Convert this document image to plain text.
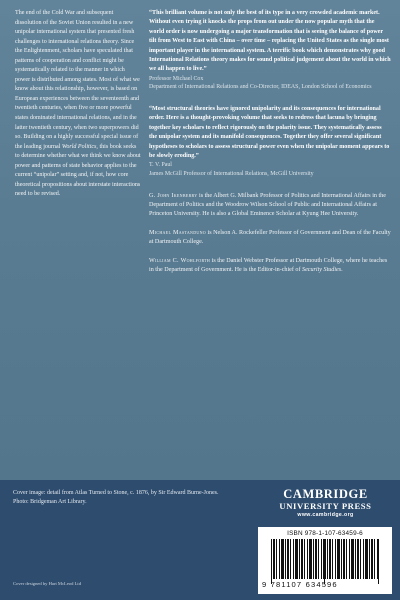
The end of the Cold War and subsequent dissolution of the Soviet Union resulted in a new unipolar international system that presented fresh challenges to international relations theory. Since the Enlightenment, scholars have speculated that patterns of cooperation and conflict might be systematically related to the manner in which power is distributed among states. Most of what we know about this relationship, however, is based on European experiences between the seventeenth and twentieth centuries, when five or more powerful states dominated international relations, and in the latter twentieth century, when two superpowers did so. Building on a highly successful special issue of the leading journal World Politics, this book seeks to determine whether what we think we know about power and patterns of state behavior applies to the current “unipolar” setting and, if not, how core theoretical propositions about interstate interactions need to be revised.

“This brilliant volume is not only the best of its type in a very crowded academic market. Without even trying it knocks the props from out under the now popular myth that the world order is now undergoing a major transformation that is seeing the balance of power tilt from West to East with China – over time – replacing the United States as the single most important player in the international system. A terrific book which demonstrates why good International Relations theory makes for sound political judgement about the world in which we all happen to live.”

Professor Michael Cox

Department of International Relations and Co-Director, IDEAS, London School of Economics

“Most structural theories have ignored unipolarity and its consequences for international order. Here is a thought-provoking volume that seeks to redress that lacuna by bringing together key scholars to reflect rigorously on the polarity issue. They systematically assess the unipolar system and its manifold consequences. Together they offer several significant hypotheses to scholars to assess structural power even when the unipolar moment appears to be slowly eroding.”

T. V. Paul

James McGill Professor of International Relations, McGill University

G. John Ikenberry is the Albert G. Milbank Professor of Politics and International Affairs in the Department of Politics and the Woodrow Wilson School of Public and International Affairs at Princeton University. He is also a Global Eminence Scholar at Kyung Hee University.

Michael Mastanduno is Nelson A. Rockefeller Professor of Government and Dean of the Faculty at Dartmouth College.

William C. Wohlforth is the Daniel Webster Professor at Dartmouth College, where he teaches in the Department of Government. He is the Editor-in-chief of Security Studies.

Cover image: detail from Atlas Turned to Stone, c. 1876, by Sir Edward Burne-Jones. Photo: Bridgeman Art Library.
CAMBRIDGE
UNIVERSITY PRESS
www.cambridge.org
Cover designed by Hart McLeod Ltd
ISBN 978-1-107-63459-6
9 781107 634596
